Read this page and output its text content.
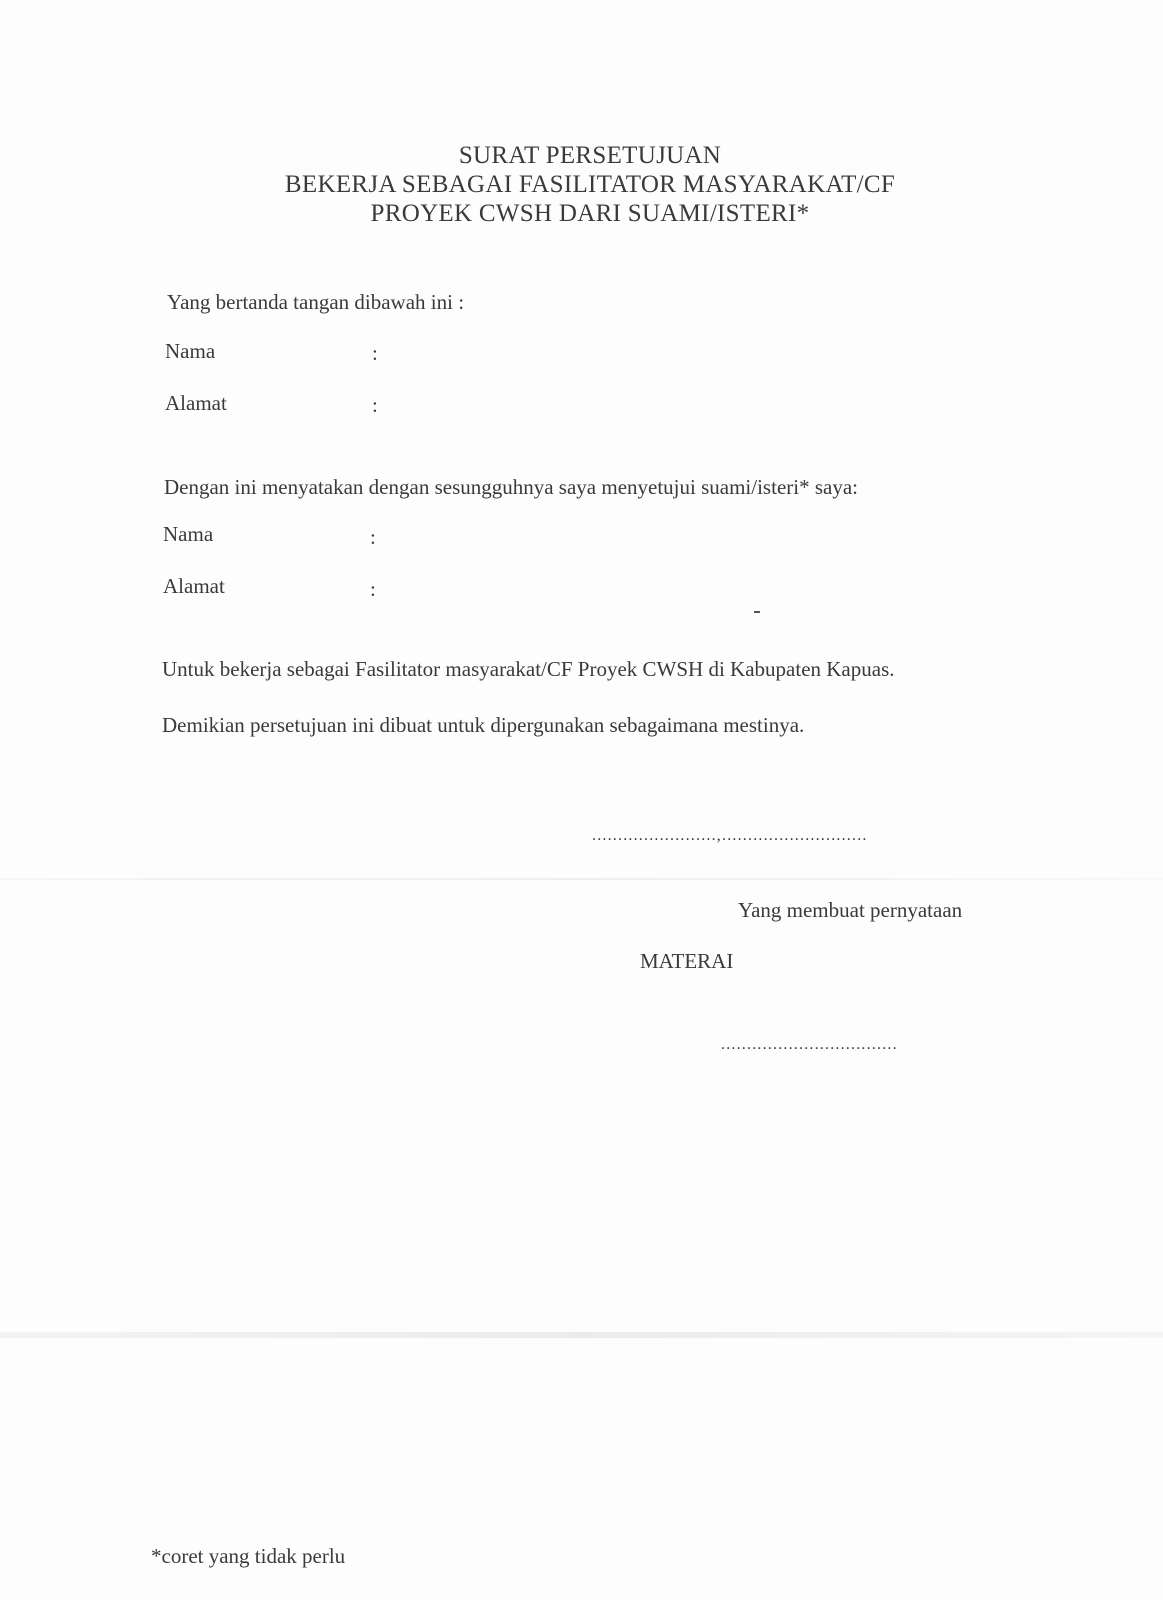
SURAT PERSETUJUAN
BEKERJA SEBAGAI FASILITATOR MASYARAKAT/CF
PROYEK CWSH DARI SUAMI/ISTERI*
Yang bertanda tangan dibawah ini :
Nama	:
Alamat	:
Dengan ini menyatakan dengan sesungguhnya saya menyetujui suami/isteri* saya:
Nama	:
Alamat	:
Untuk bekerja sebagai Fasilitator masyarakat/CF Proyek CWSH di Kabupaten Kapuas.
Demikian persetujuan ini dibuat untuk dipergunakan sebagaimana mestinya.
........................,............................
Yang membuat pernyataan
MATERAI
..................................
*coret yang tidak perlu
